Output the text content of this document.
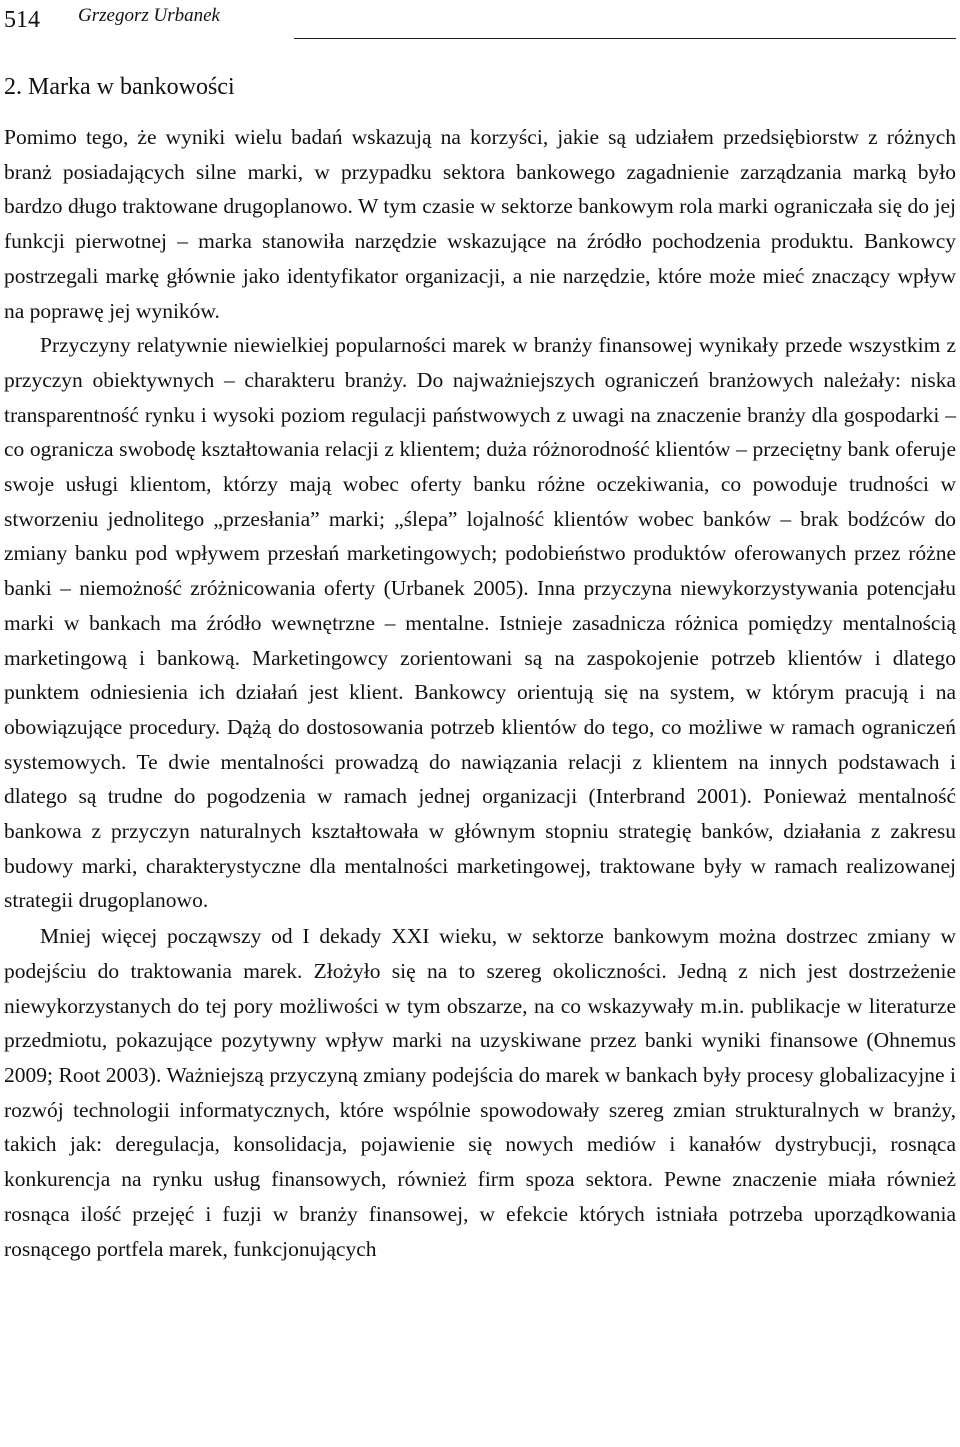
514 Grzegorz Urbanek
2. Marka w bankowości

Pomimo tego, że wyniki wielu badań wskazują na korzyści, jakie są udziałem przedsiębiorstw z różnych branż posiadających silne marki, w przypadku sektora bankowego zagadnienie zarządzania marką było bardzo długo traktowane drugoplanowo. W tym czasie w sektorze bankowym rola marki ograniczała się do jej funkcji pierwotnej – marka stanowiła narzędzie wskazujące na źródło pochodzenia produktu. Bankowcy postrzegali markę głównie jako identyfikator organizacji, a nie narzędzie, które może mieć znaczący wpływ na poprawę jej wyników.

Przyczyny relatywnie niewielkiej popularności marek w branży finansowej wynikały przede wszystkim z przyczyn obiektywnych – charakteru branży. Do najważniejszych ograniczeń branżowych należały: niska transparentność rynku i wysoki poziom regulacji państwowych z uwagi na znaczenie branży dla gospodarki – co ogranicza swobodę kształtowania relacji z klientem; duża różnorodność klientów – przeciętny bank oferuje swoje usługi klientom, którzy mają wobec oferty banku różne oczekiwania, co powoduje trudności w stworzeniu jednolitego „przesłania” marki; „ślepa” lojalność klientów wobec banków – brak bodźców do zmiany banku pod wpływem przesłań marketingowych; podobieństwo produktów oferowanych przez różne banki – niemożność zróżnicowania oferty (Urbanek 2005). Inna przyczyna niewykorzystywania potencjału marki w bankach ma źródło wewnętrzne – mentalne. Istnieje zasadnicza różnica pomiędzy mentalnością marketingową i bankową. Marketingowcy zorientowani są na zaspokojenie potrzeb klientów i dlatego punktem odniesienia ich działań jest klient. Bankowcy orientują się na system, w którym pracują i na obowiązujące procedury. Dążą do dostosowania potrzeb klientów do tego, co możliwe w ramach ograniczeń systemowych. Te dwie mentalności prowadzą do nawiązania relacji z klientem na innych podstawach i dlatego są trudne do pogodzenia w ramach jednej organizacji (Interbrand 2001). Ponieważ mentalność bankowa z przyczyn naturalnych kształtowała w głównym stopniu strategię banków, działania z zakresu budowy marki, charakterystyczne dla mentalności marketingowej, traktowane były w ramach realizowanej strategii drugoplanowo.

Mniej więcej począwszy od I dekady XXI wieku, w sektorze bankowym można dostrzec zmiany w podejściu do traktowania marek. Złożyło się na to szereg okoliczności. Jedną z nich jest dostrzeżenie niewykorzystanych do tej pory możliwości w tym obszarze, na co wskazywały m.in. publikacje w literaturze przedmiotu, pokazujące pozytywny wpływ marki na uzyskiwane przez banki wyniki finansowe (Ohnemus 2009; Root 2003). Ważniejszą przyczyną zmiany podejścia do marek w bankach były procesy globalizacyjne i rozwój technologii informatycznych, które wspólnie spowodowały szereg zmian strukturalnych w branży, takich jak: deregulacja, konsolidacja, pojawienie się nowych mediów i kanałów dystrybucji, rosnąca konkurencja na rynku usług finansowych, również firm spoza sektora. Pewne znaczenie miała również rosnąca ilość przejęć i fuzji w branży finansowej, w efekcie których istniała potrzeba uporządkowania rosnącego portfela marek, funkcjonujących
